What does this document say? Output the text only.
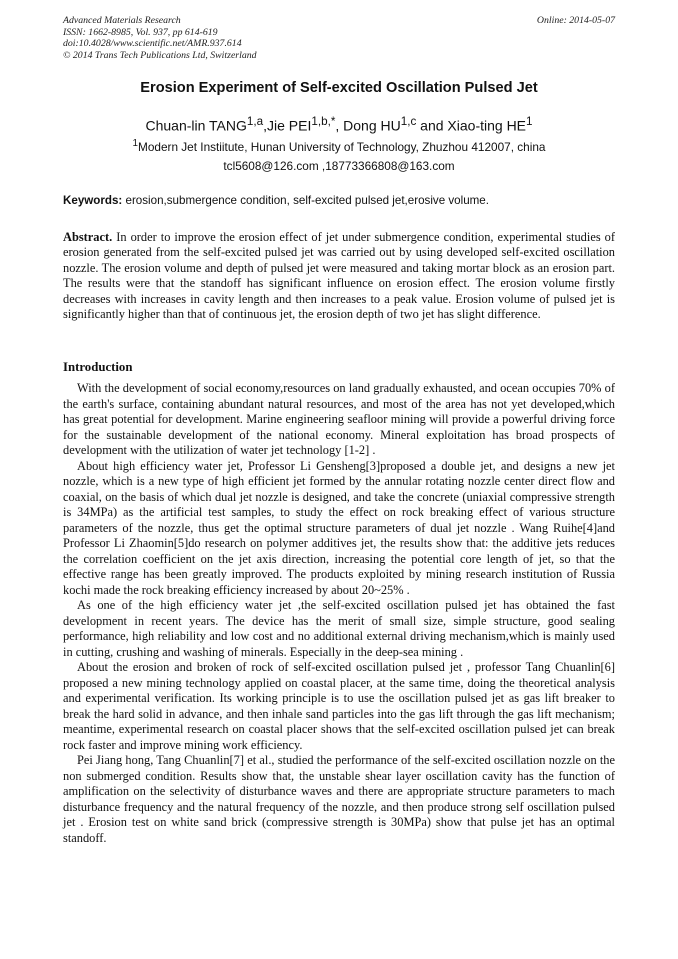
Advanced Materials Research
ISSN: 1662-8985, Vol. 937, pp 614-619
doi:10.4028/www.scientific.net/AMR.937.614
© 2014 Trans Tech Publications Ltd, Switzerland
Online: 2014-05-07
Erosion Experiment of Self-excited Oscillation Pulsed Jet
Chuan-lin TANG$^{1,a}$,Jie $PEI^{1,b,*}$, Dong HU$^{1,c}$ and Xiao-ting $HE^1$
$^1$Modern Jet Instiitute, Hunan University of Technology, Zhuzhou 412007, china
tcl5608@126.com ,18773366808@163.com
Keywords: erosion,submergence condition, self-excited pulsed jet,erosive volume.
Abstract. In order to improve the erosion effect of jet under submergence condition, experimental studies of erosion generated from the self-excited pulsed jet was carried out by using developed self-excited oscillation nozzle. The erosion volume and depth of pulsed jet were measured and taking mortar block as an erosion part. The results were that the standoff has significant influence on erosion effect. The erosion volume firstly decreases with increases in cavity length and then increases to a peak value. Erosion volume of pulsed jet is significantly higher than that of continuous jet, the erosion depth of two jet has slight difference.
Introduction

With the development of social economy,resources on land gradually exhausted, and ocean occupies 70% of the earth's surface, containing abundant natural resources, and most of the area has not yet developed,which has great potential for development. Marine engineering seafloor mining will provide a powerful driving force for the sustainable development of the national economy. Mineral exploitation has broad prospects of development with the utilization of water jet technology [1-2] .

About high efficiency water jet, Professor Li Gensheng[3]proposed a double jet, and designs a new jet nozzle, which is a new type of high efficient jet formed by the annular rotating nozzle center direct flow and coaxial, on the basis of which dual jet nozzle is designed, and take the concrete (uniaxial compressive strength is 34MPa) as the artificial test samples, to study the effect on rock breaking effect of various structure parameters of the nozzle, thus get the optimal structure parameters of dual jet nozzle . Wang Ruihe[4]and Professor Li Zhaomin[5]do research on polymer additives jet, the results show that: the additive jets reduces the correlation coefficient on the jet axis direction, increasing the potential core length of jet, so that the effective range has been greatly improved. The products exploited by mining research institution of Russia kochi made the rock breaking efficiency increased by about 20~25% .

As one of the high efficiency water jet ,the self-excited oscillation pulsed jet has obtained the fast development in recent years. The device has the merit of small size, simple structure, good sealing performance, high reliability and low cost and no additional external driving mechanism,which is mainly used in cutting, crushing and washing of minerals. Especially in the deep-sea mining .

About the erosion and broken of rock of self-excited oscillation pulsed jet , professor Tang Chuanlin[6] proposed a new mining technology applied on coastal placer, at the same time, doing the theoretical analysis and experimental verification. Its working principle is to use the oscillation pulsed jet as gas lift breaker to break the hard solid in advance, and then inhale sand particles into the gas lift through the gas lift mechanism; meantime, experimental research on coastal placer shows that the self-excited oscillation pulsed jet can break rock faster and improve mining work efficiency.

Pei Jiang hong, Tang Chuanlin[7] et al., studied the performance of the self-excited oscillation nozzle on the non submerged condition. Results show that, the unstable shear layer oscillation cavity has the function of amplification on the selectivity of disturbance waves and there are appropriate structure parameters to mach disturbance frequency and the natural frequency of the nozzle, and then produce strong self oscillation pulsed jet . Erosion test on white sand brick (compressive strength is 30MPa) show that pulse jet has an optimal standoff.
